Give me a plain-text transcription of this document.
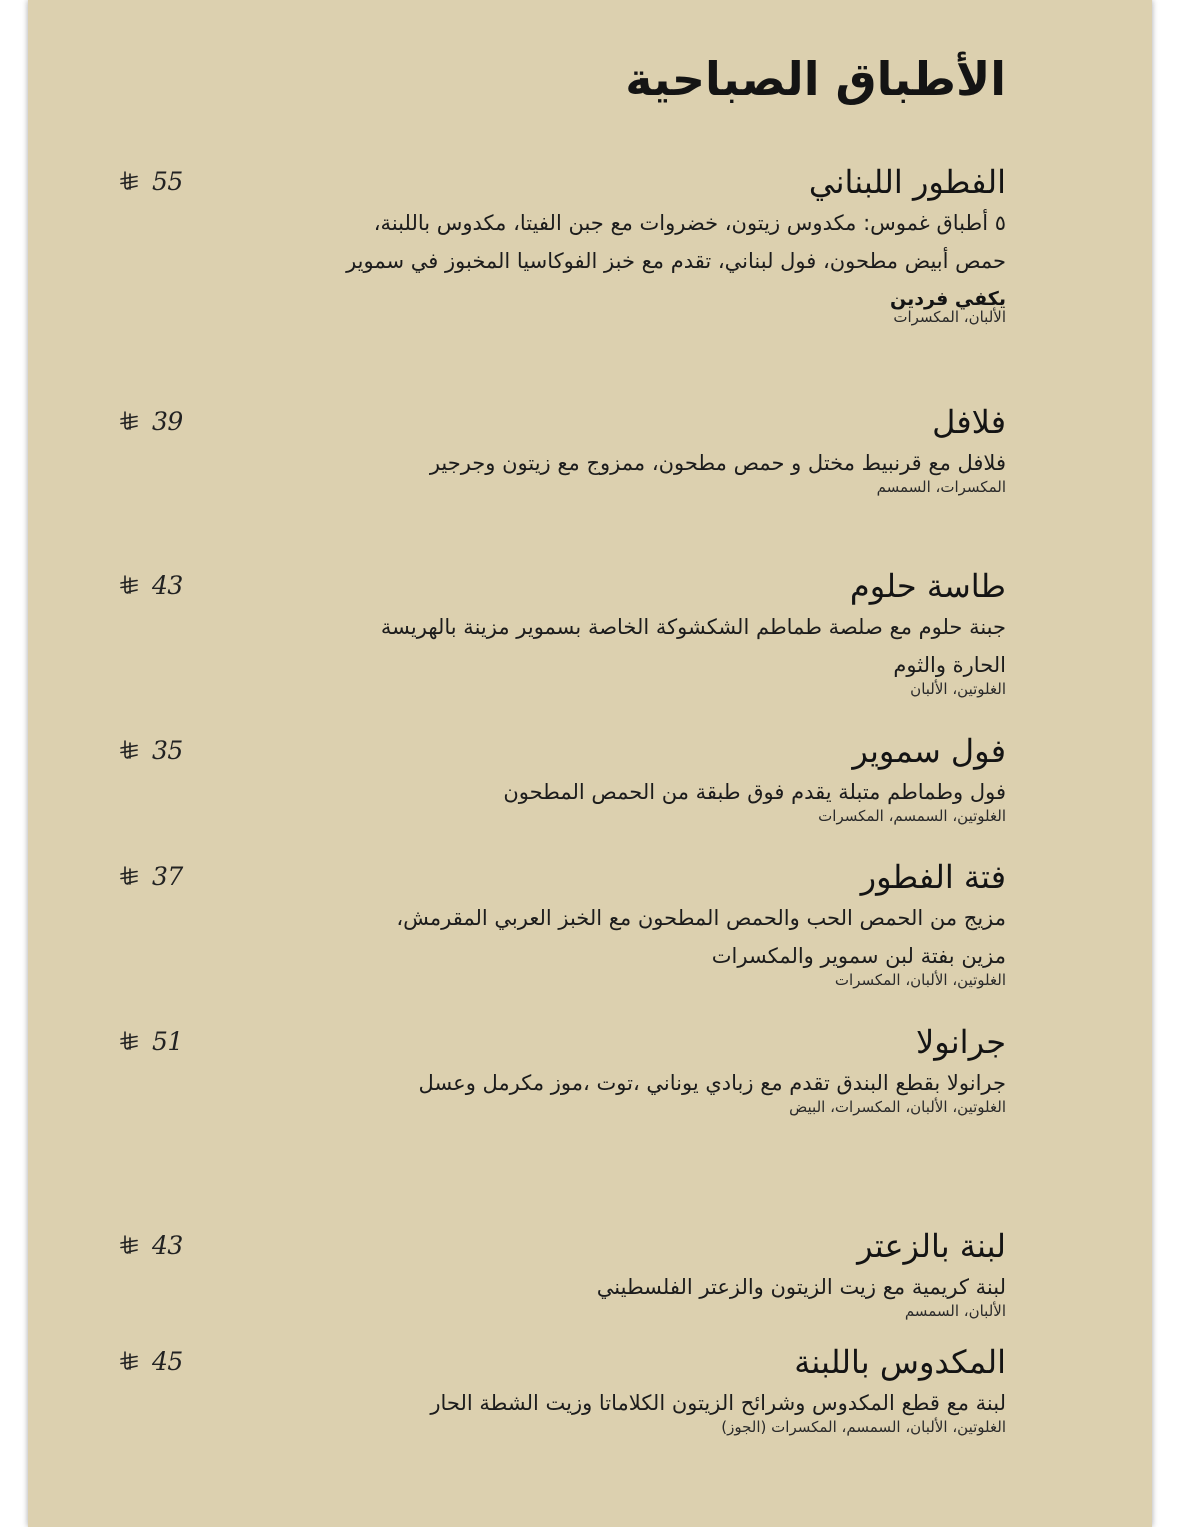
الأطباق الصباحية
الفطور اللبناني
٥ أطباق غموس: مكدوس زيتون، خضروات مع جبن الفيتا، مكدوس باللبنة، حمص أبيض مطحون، فول لبناني، تقدم مع خبز الفوكاسيا المخبوز في سموير
يكفي فردين
الألبان، المكسرات
55
فلافل
فلافل مع قرنبيط مختل و حمص مطحون، ممزوج مع زيتون وجرجير
المكسرات، السمسم
39
طاسة حلوم
جبنة حلوم مع صلصة طماطم الشكشوكة الخاصة بسموير مزينة بالهريسة الحارة والثوم
الغلوتين، الألبان
43
فول سموير
فول وطماطم متبلة يقدم فوق طبقة من الحمص المطحون
الغلوتين، السمسم، المكسرات
35
فتة الفطور
مزيج من الحمص الحب والحمص المطحون مع الخبز العربي المقرمش، مزين بفتة لبن سموير والمكسرات
الغلوتين، الألبان، المكسرات
37
جرانولا
جرانولا بقطع البندق تقدم مع زبادي يوناني ،توت ،موز مكرمل وعسل
الغلوتين، الألبان، المكسرات، البيض
51
لبنة بالزعتر
لبنة كريمية مع زيت الزيتون والزعتر الفلسطيني
الألبان، السمسم
43
المكدوس باللبنة
لبنة مع قطع المكدوس وشرائح الزيتون الكلاماتا وزيت الشطة الحار
الغلوتين، الألبان، السمسم، المكسرات (الجوز)
45
